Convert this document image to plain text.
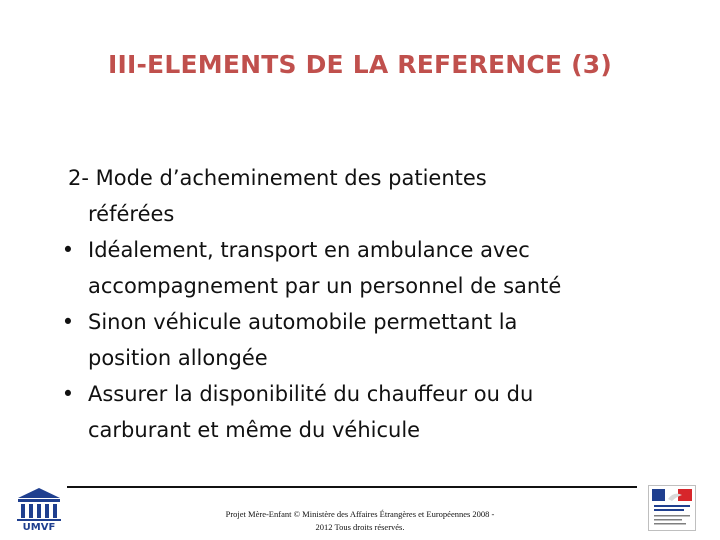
III-ELEMENTS DE LA REFERENCE (3)
2- Mode d’acheminement des patientes
référées
• Idéalement, transport en ambulance avec
accompagnement par un personnel de santé
• Sinon véhicule automobile permettant la
position allongée
• Assurer la disponibilité du chauffeur ou du
carburant et même du véhicule
UMVF
Projet Mère-Enfant © Ministère des Affaires Étrangères et Européennes 2008 -
2012 Tous droits réservés.
